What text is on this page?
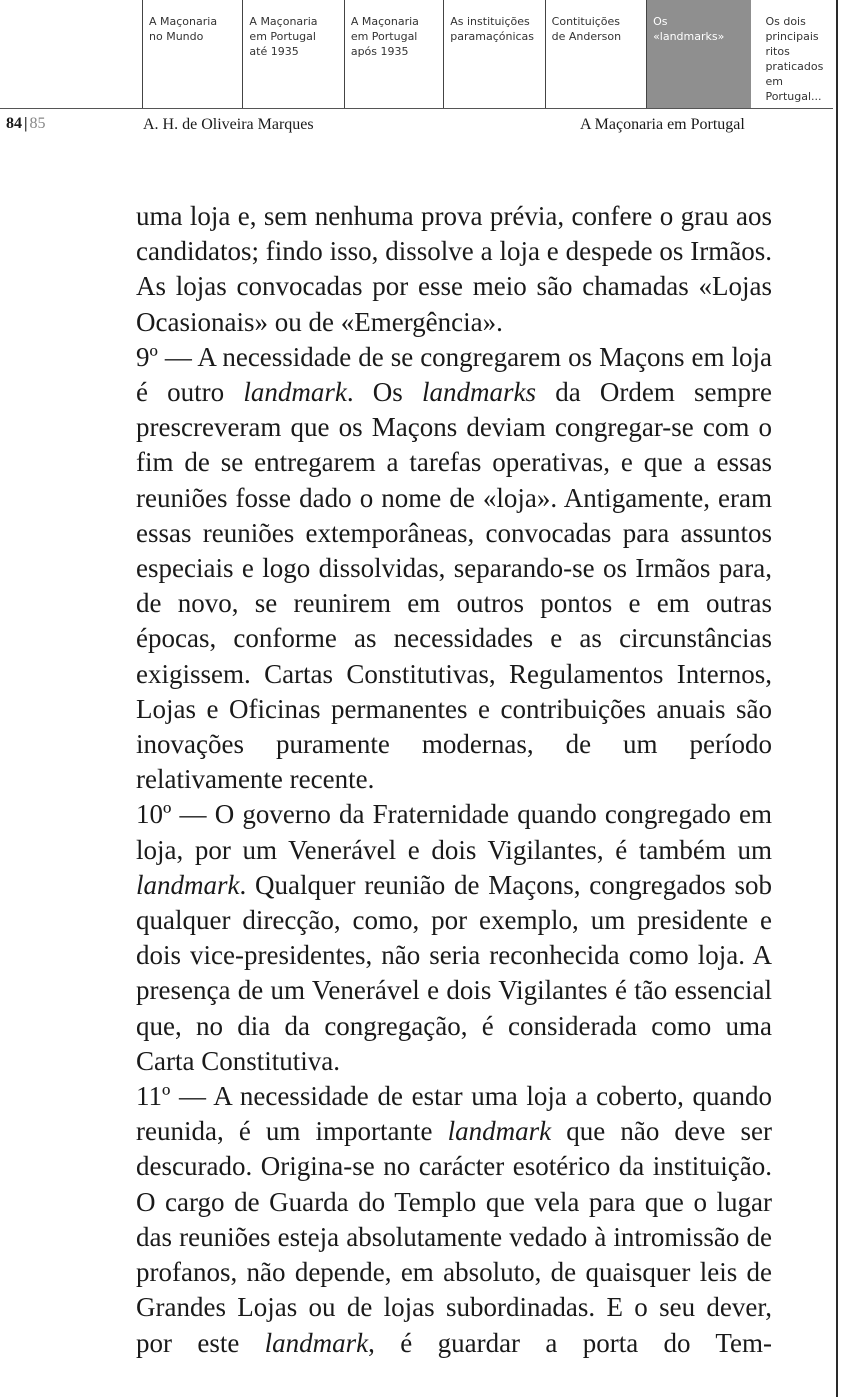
A Maçonaria
no Mundo
A Maçonaria
em Portugal
até 1935
A Maçonaria
em Portugal
após 1935
As instituições
paramaçónicas
Contituições
de Anderson
Os
«landmarks»
Os dois
principais ritos
praticados em
Portugal...
84 | 85	A. H. de Oliveira Marques	A Maçonaria em Portugal

uma loja e, sem nenhuma prova prévia, confere o grau aos candidatos; findo isso, dissolve a loja e despede os Irmãos. As lojas convocadas por esse meio são chamadas «Lojas Ocasionais» ou de «Emergência».

9º — A necessidade de se congregarem os Maçons em loja é outro landmark. Os landmarks da Ordem sempre prescreveram que os Maçons deviam congregar-se com o fim de se entregarem a tarefas operativas, e que a essas reuniões fosse dado o nome de «loja». Antigamente, eram essas reuniões extemporâneas, convocadas para assuntos especiais e logo dissolvidas, separando-se os Irmãos para, de novo, se reunirem em outros pontos e em outras épocas, conforme as necessidades e as circunstâncias exigissem. Cartas Constitutivas, Regulamentos Internos, Lojas e Oficinas permanentes e contribuições anuais são inovações puramente modernas, de um período relativamente recente.

10º — O governo da Fraternidade quando congregado em loja, por um Venerável e dois Vigilantes, é também um landmark. Qualquer reunião de Maçons, congregados sob qualquer direcção, como, por exemplo, um presidente e dois vice-presidentes, não seria reconhecida como loja. A presença de um Venerável e dois Vigilantes é tão essencial que, no dia da congregação, é considerada como uma Carta Constitutiva.

11º — A necessidade de estar uma loja a coberto, quando reunida, é um importante landmark que não deve ser descurado. Origina-se no carácter esotérico da instituição. O cargo de Guarda do Templo que vela para que o lugar das reuniões esteja absolutamente vedado à intromissão de profanos, não depende, em absoluto, de quaisquer leis de Grandes Lojas ou de lojas subordinadas. E o seu dever, por este landmark, é guardar a porta do Tem-
